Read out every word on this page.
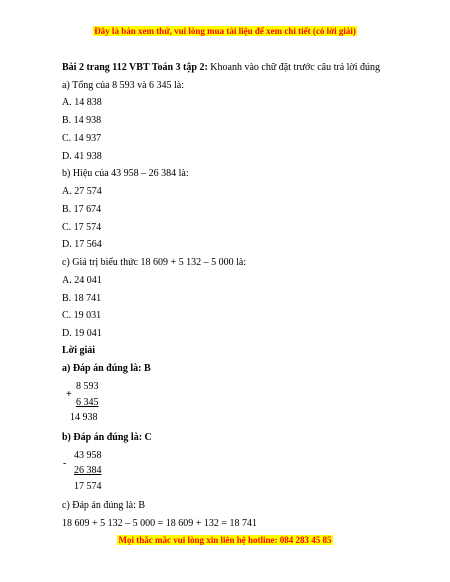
Đây là bản xem thử, vui lòng mua tài liệu để xem chi tiết (có lời giải)
Bài 2 trang 112 VBT Toán 3 tập 2: Khoanh vào chữ đặt trước câu trả lời đúng
a) Tổng của 8 593 và 6 345 là:
A. 14 838
B. 14 938
C. 14 937
D. 41 938
b) Hiệu của 43 958 – 26 384 là:
A. 27 574
B. 17 674
C. 17 574
D. 17 564
c) Giá trị biểu thức 18 609 + 5 132 – 5 000 là:
A. 24 041
B. 18 741
C. 19 031
D. 19 041
Lời giải
a) Đáp án đúng là: B
8 593
+
6 345
14 938
b) Đáp án đúng là: C
43 958
-
26 384
17 574
c) Đáp án đúng là: B
18 609 + 5 132 – 5 000 = 18 609 + 132 = 18 741
Mọi thắc mắc vui lòng xin liên hệ hotline: 084 283 45 85
